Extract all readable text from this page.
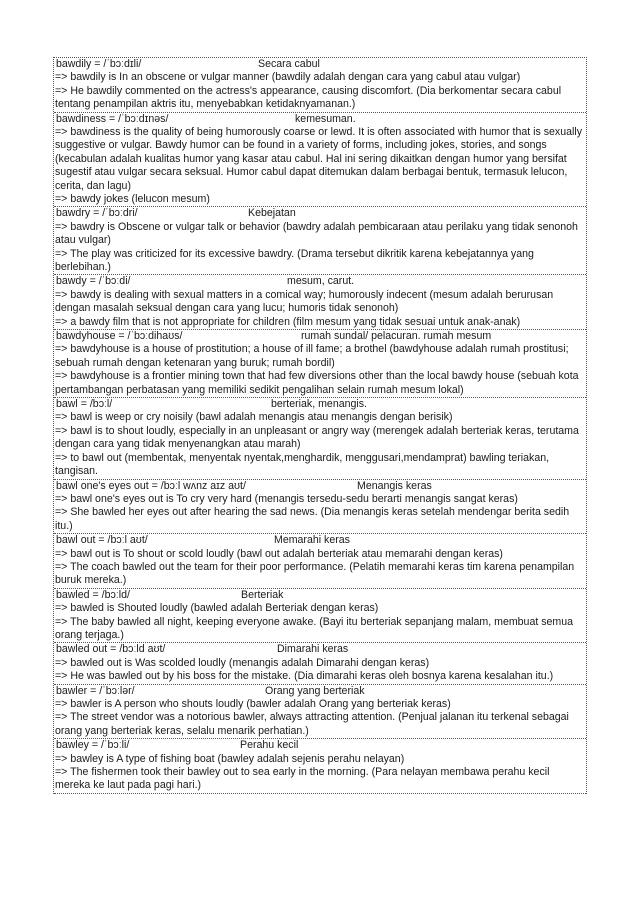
bawdily = /ˈbɔːdɪli/	Secara cabul
=> bawdily is In an obscene or vulgar manner (bawdily adalah dengan cara yang cabul atau vulgar)
=> He bawdily commented on the actress's appearance, causing discomfort. (Dia berkomentar secara cabul tentang penampilan aktris itu, menyebabkan ketidaknyamanan.)
bawdiness = /ˈbɔːdɪnəs/	kemesuman.
=> bawdiness is the quality of being humorously coarse or lewd. It is often associated with humor that is sexually suggestive or vulgar. Bawdy humor can be found in a variety of forms, including jokes, stories, and songs (kecabulan adalah kualitas humor yang kasar atau cabul. Hal ini sering dikaitkan dengan humor yang bersifat sugestif atau vulgar secara seksual. Humor cabul dapat ditemukan dalam berbagai bentuk, termasuk lelucon, cerita, dan lagu)
=> bawdy jokes (lelucon mesum)
bawdry = /ˈbɔːdri/	Kebejatan
=> bawdry is Obscene or vulgar talk or behavior (bawdry adalah pembicaraan atau perilaku yang tidak senonoh atau vulgar)
=> The play was criticized for its excessive bawdry. (Drama tersebut dikritik karena kebejatannya yang berlebihan.)
bawdy = /ˈbɔːdi/	mesum, carut.
=> bawdy is dealing with sexual matters in a comical way; humorously indecent (mesum adalah berurusan dengan masalah seksual dengan cara yang lucu; humoris tidak senonoh)
=> a bawdy film that is not appropriate for children (film mesum yang tidak sesuai untuk anak-anak)
bawdyhouse = /ˈbɔːdihaʊs/	rumah sundal/ pelacuran. rumah mesum
=> bawdyhouse is a house of prostitution; a house of ill fame; a brothel (bawdyhouse adalah rumah prostitusi; sebuah rumah dengan ketenaran yang buruk; rumah bordil)
=> bawdyhouse is a frontier mining town that had few diversions other than the local bawdy house (sebuah kota pertambangan perbatasan yang memiliki sedikit pengalihan selain rumah mesum lokal)
bawl = /bɔːl/	berteriak, menangis.
=> bawl is weep or cry noisily (bawl adalah menangis atau menangis dengan berisik)
=> bawl is to shout loudly, especially in an unpleasant or angry way (merengek adalah berteriak keras, terutama dengan cara yang tidak menyenangkan atau marah)
=> to bawl out (membentak, menyentak nyentak,menghardik, menggusari,mendamprat) bawling teriakan, tangisan.
bawl one's eyes out = /bɔːl wʌnz aɪz aʊt/	Menangis keras
=> bawl one's eyes out is To cry very hard (menangis tersedu-sedu berarti menangis sangat keras)
=> She bawled her eyes out after hearing the sad news. (Dia menangis keras setelah mendengar berita sedih itu.)
bawl out = /bɔːl aʊt/	Memarahi keras
=> bawl out is To shout or scold loudly (bawl out adalah berteriak atau memarahi dengan keras)
=> The coach bawled out the team for their poor performance. (Pelatih memarahi keras tim karena penampilan buruk mereka.)
bawled = /bɔːld/	Berteriak
=> bawled is Shouted loudly (bawled adalah Berteriak dengan keras)
=> The baby bawled all night, keeping everyone awake. (Bayi itu berteriak sepanjang malam, membuat semua orang terjaga.)
bawled out = /bɔːld aʊt/	Dimarahi keras
=> bawled out is Was scolded loudly (menangis adalah Dimarahi dengan keras)
=> He was bawled out by his boss for the mistake. (Dia dimarahi keras oleh bosnya karena kesalahan itu.)
bawler = /ˈbɔːlər/	Orang yang berteriak
=> bawler is A person who shouts loudly (bawler adalah Orang yang berteriak keras)
=> The street vendor was a notorious bawler, always attracting attention. (Penjual jalanan itu terkenal sebagai orang yang berteriak keras, selalu menarik perhatian.)
bawley = /ˈbɔːli/	Perahu kecil
=> bawley is A type of fishing boat (bawley adalah sejenis perahu nelayan)
=> The fishermen took their bawley out to sea early in the morning. (Para nelayan membawa perahu kecil mereka ke laut pada pagi hari.)
